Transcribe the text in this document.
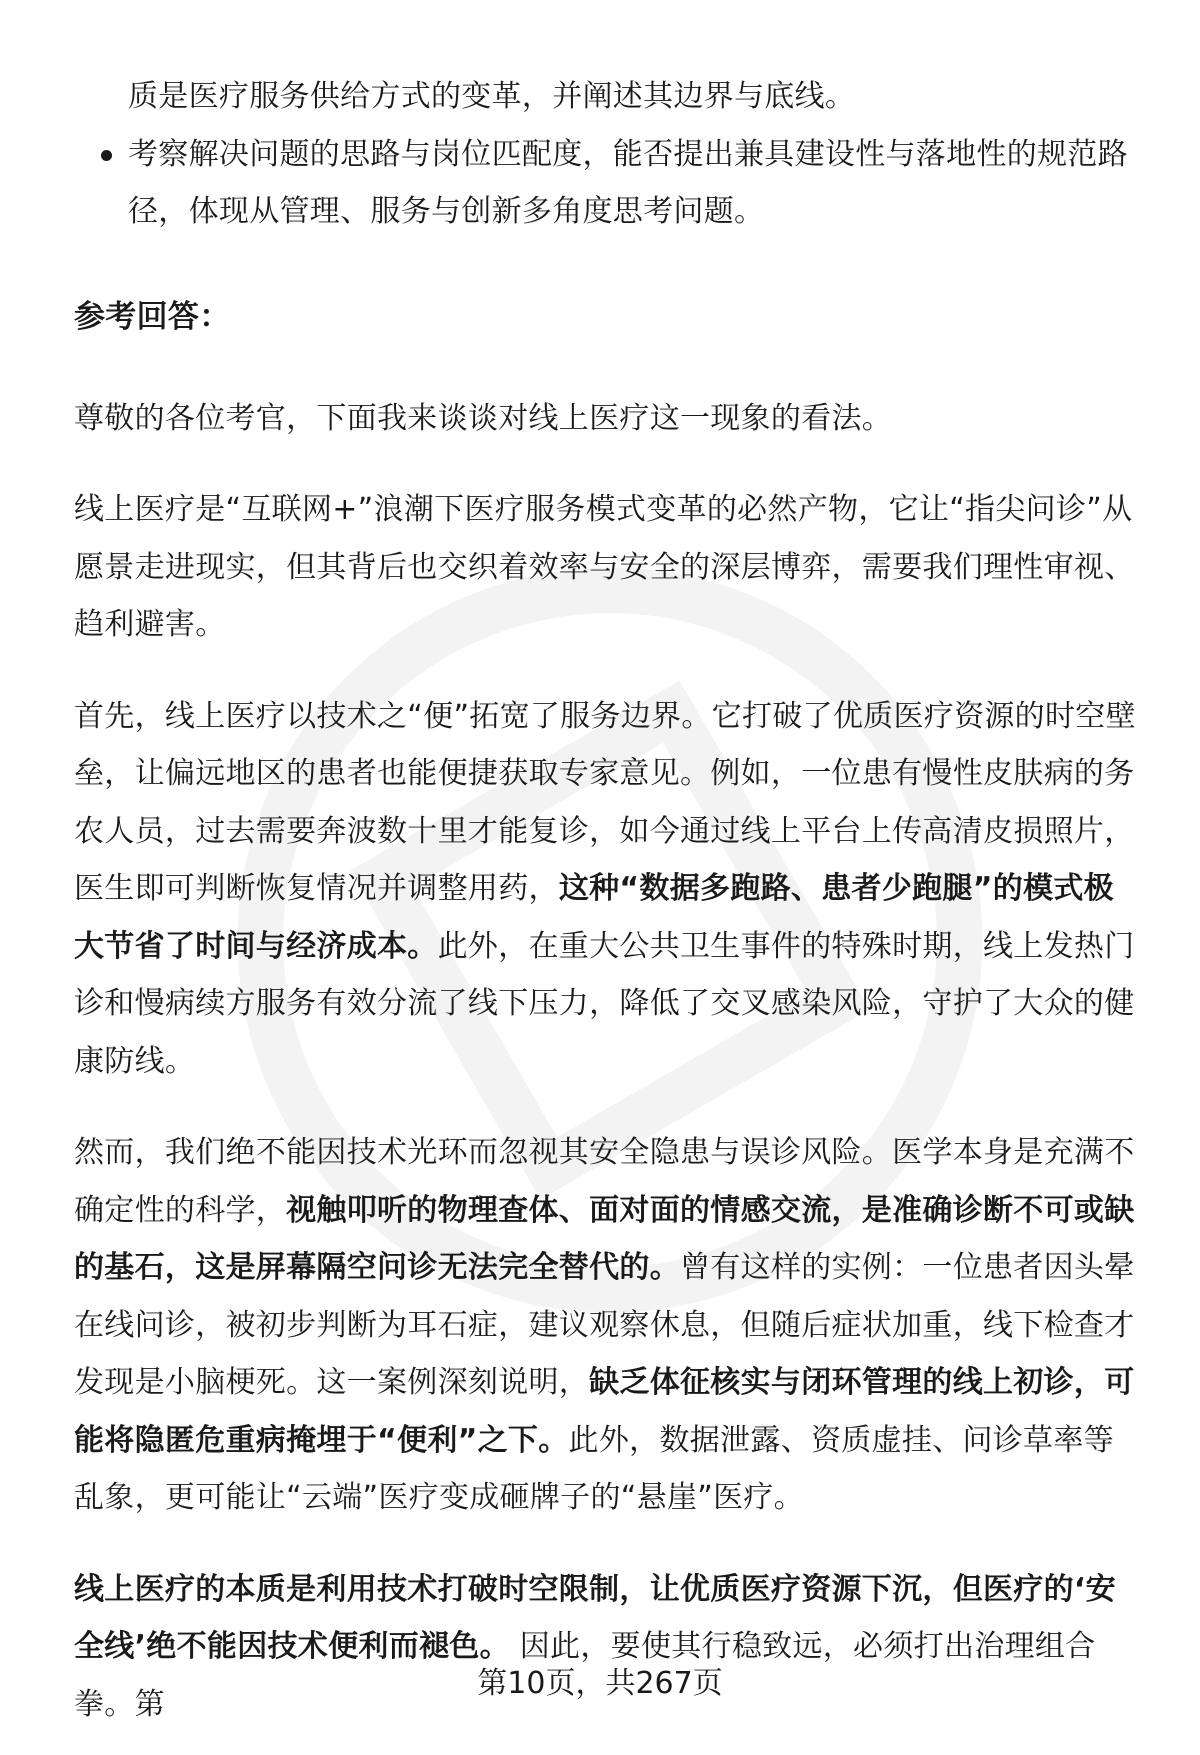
质是医疗服务供给方式的变革，并阐述其边界与底线。

考察解决问题的思路与岗位匹配度，能否提出兼具建设性与落地性的规范路径，体现从管理、服务与创新多角度思考问题。

参考回答：

尊敬的各位考官，下面我来谈谈对线上医疗这一现象的看法。

线上医疗是“互联网+”浪潮下医疗服务模式变革的必然产物，它让“指尖问诊”从愿景走进现实，但其背后也交织着效率与安全的深层博弈，需要我们理性审视、趋利避害。

首先，线上医疗以技术之“便”拓宽了服务边界。它打破了优质医疗资源的时空壁垒，让偏远地区的患者也能便捷获取专家意见。例如，一位患有慢性皮肤病的务农人员，过去需要奔波数十里才能复诊，如今通过线上平台上传高清皮损照片，医生即可判断恢复情况并调整用药，这种“数据多跑路、患者少跑腿”的模式极大节省了时间与经济成本。此外，在重大公共卫生事件的特殊时期，线上发热门诊和慢病续方服务有效分流了线下压力，降低了交叉感染风险，守护了大众的健康防线。

然而，我们绝不能因技术光环而忽视其安全隐患与误诊风险。医学本身是充满不确定性的科学，视触叩听的物理查体、面对面的情感交流，是准确诊断不可或缺的基石，这是屏幕隔空问诊无法完全替代的。曾有这样的实例：一位患者因头晕在线问诊，被初步判断为耳石症，建议观察休息，但随后症状加重，线下检查才发现是小脑梗死。这一案例深刻说明，缺乏体征核实与闭环管理的线上初诊，可能将隐匿危重病掩埋于“便利”之下。此外，数据泄露、资质虚挂、问诊草率等乱象，更可能让“云端”医疗变成砸牌子的“悬崖”医疗。

线上医疗的本质是利用技术打破时空限制，让优质医疗资源下沉，但医疗的‘安全线’绝不能因技术便利而褪色。 因此，要使其行稳致远，必须打出治理组合拳。第

第10页，共267页
